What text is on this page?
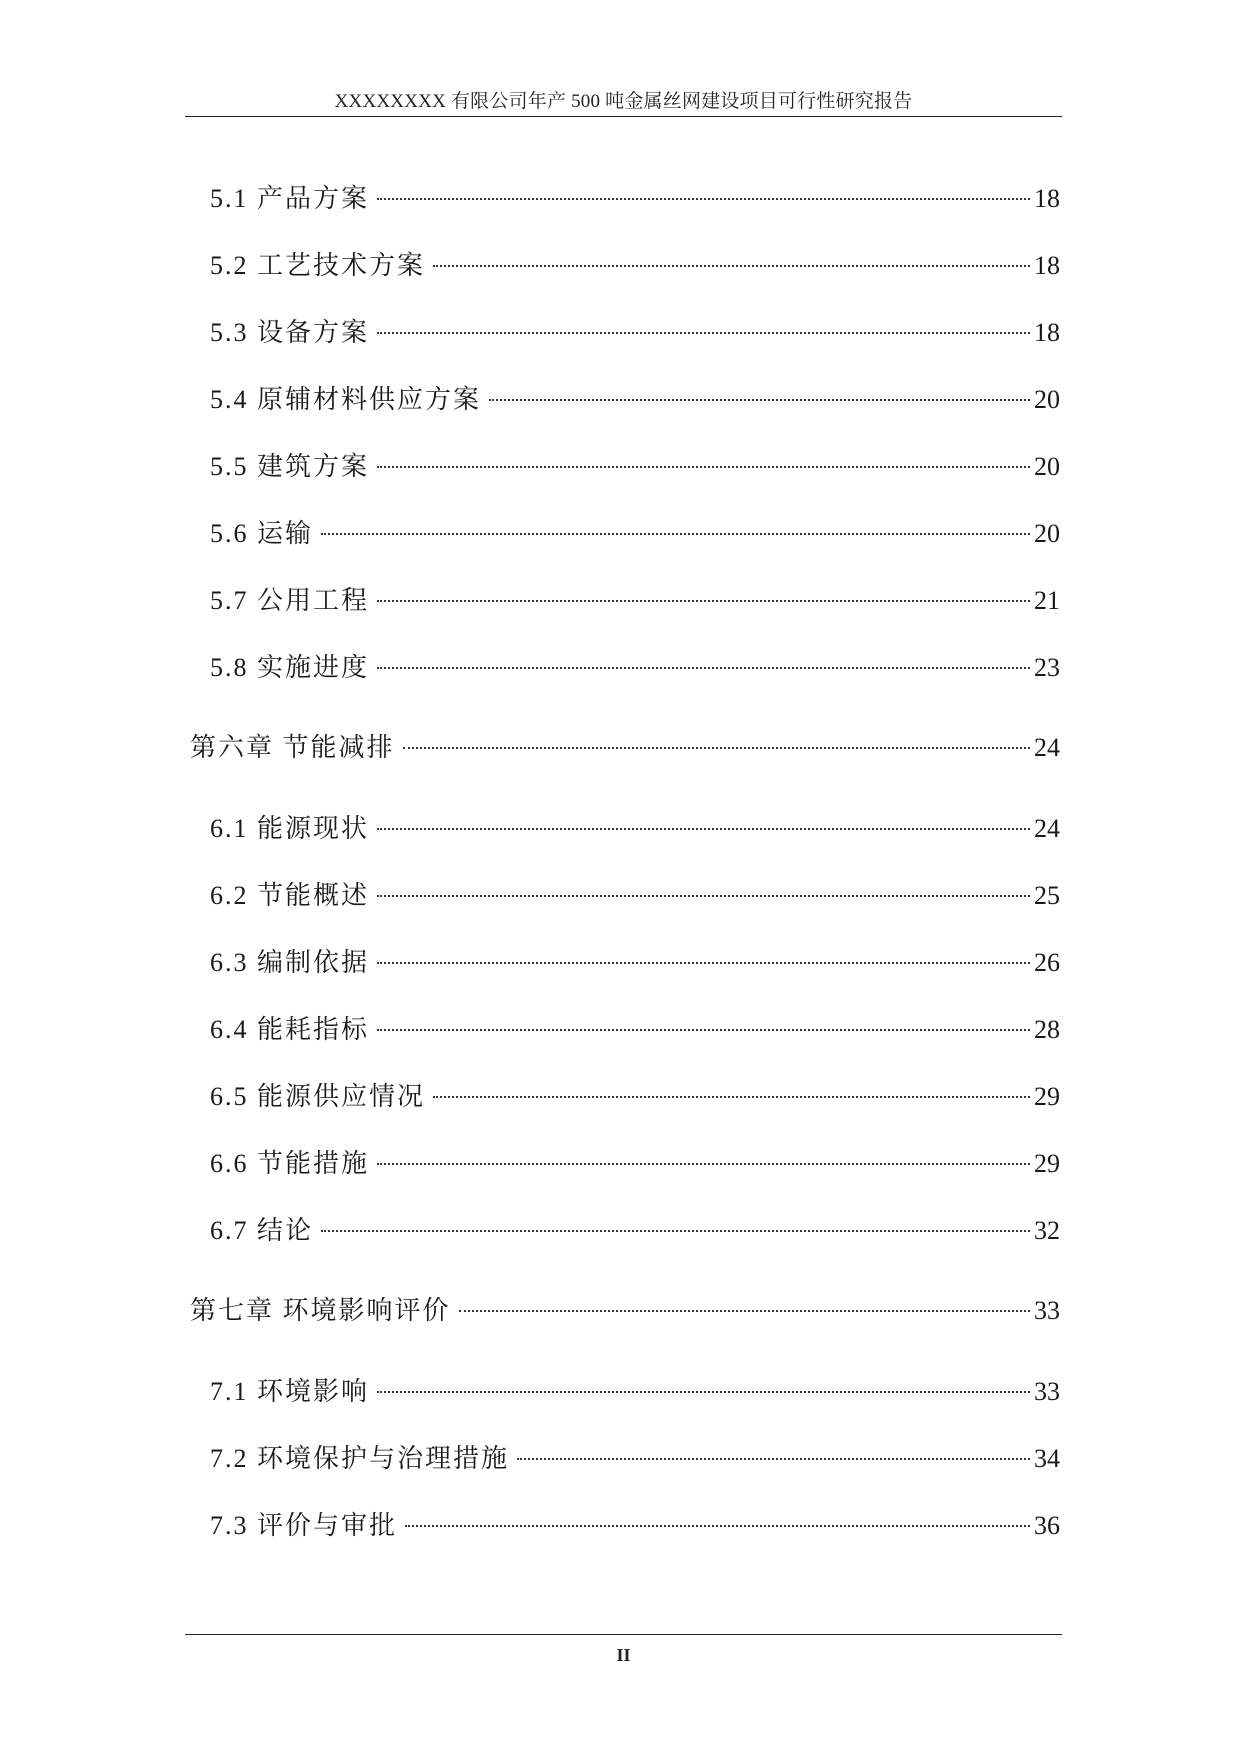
XXXXXXXX 有限公司年产 500 吨金属丝网建设项目可行性研究报告
5.1 产品方案	18
5.2 工艺技术方案	18
5.3 设备方案	18
5.4 原辅材料供应方案	20
5.5 建筑方案	20
5.6 运输	20
5.7 公用工程	21
5.8 实施进度	23
第六章 节能减排	24
6.1 能源现状	24
6.2 节能概述	25
6.3 编制依据	26
6.4 能耗指标	28
6.5 能源供应情况	29
6.6 节能措施	29
6.7 结论	32
第七章 环境影响评价	33
7.1 环境影响	33
7.2 环境保护与治理措施	34
7.3 评价与审批	36
II
